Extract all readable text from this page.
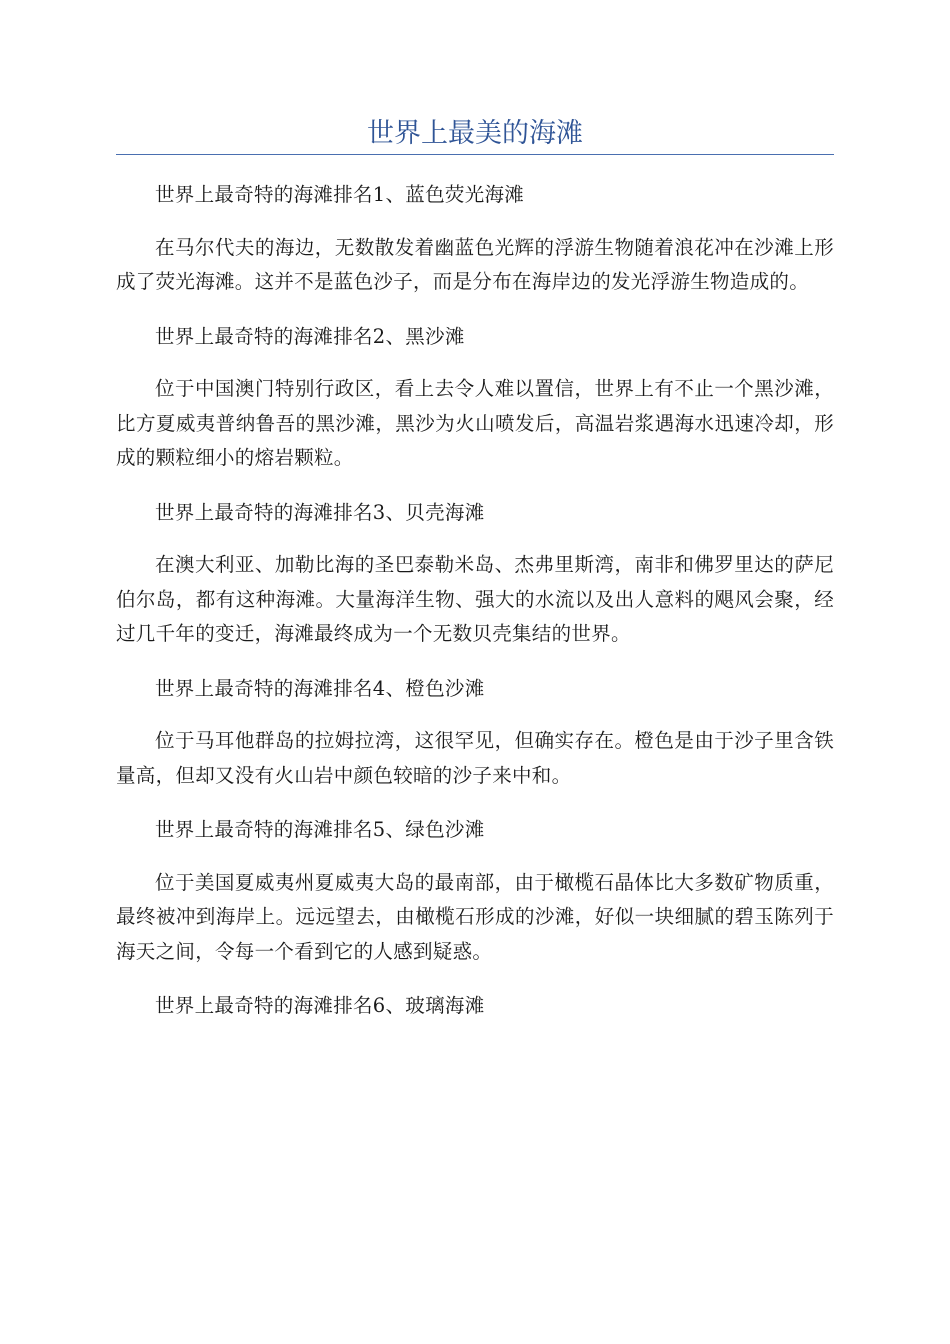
世界上最美的海滩

世界上最奇特的海滩排名1、蓝色荧光海滩

在马尔代夫的海边，无数散发着幽蓝色光辉的浮游生物随着浪花冲在沙滩上形成了荧光海滩。这并不是蓝色沙子，而是分布在海岸边的发光浮游生物造成的。

世界上最奇特的海滩排名2、黑沙滩

位于中国澳门特别行政区，看上去令人难以置信，世界上有不止一个黑沙滩，比方夏威夷普纳鲁吾的黑沙滩，黑沙为火山喷发后，高温岩浆遇海水迅速冷却，形成的颗粒细小的熔岩颗粒。

世界上最奇特的海滩排名3、贝壳海滩

在澳大利亚、加勒比海的圣巴泰勒米岛、杰弗里斯湾，南非和佛罗里达的萨尼伯尔岛，都有这种海滩。大量海洋生物、强大的水流以及出人意料的飓风会聚，经过几千年的变迁，海滩最终成为一个无数贝壳集结的世界。

世界上最奇特的海滩排名4、橙色沙滩

位于马耳他群岛的拉姆拉湾，这很罕见，但确实存在。橙色是由于沙子里含铁量高，但却又没有火山岩中颜色较暗的沙子来中和。

世界上最奇特的海滩排名5、绿色沙滩

位于美国夏威夷州夏威夷大岛的最南部，由于橄榄石晶体比大多数矿物质重，最终被冲到海岸上。远远望去，由橄榄石形成的沙滩，好似一块细腻的碧玉陈列于海天之间，令每一个看到它的人感到疑惑。

世界上最奇特的海滩排名6、玻璃海滩
